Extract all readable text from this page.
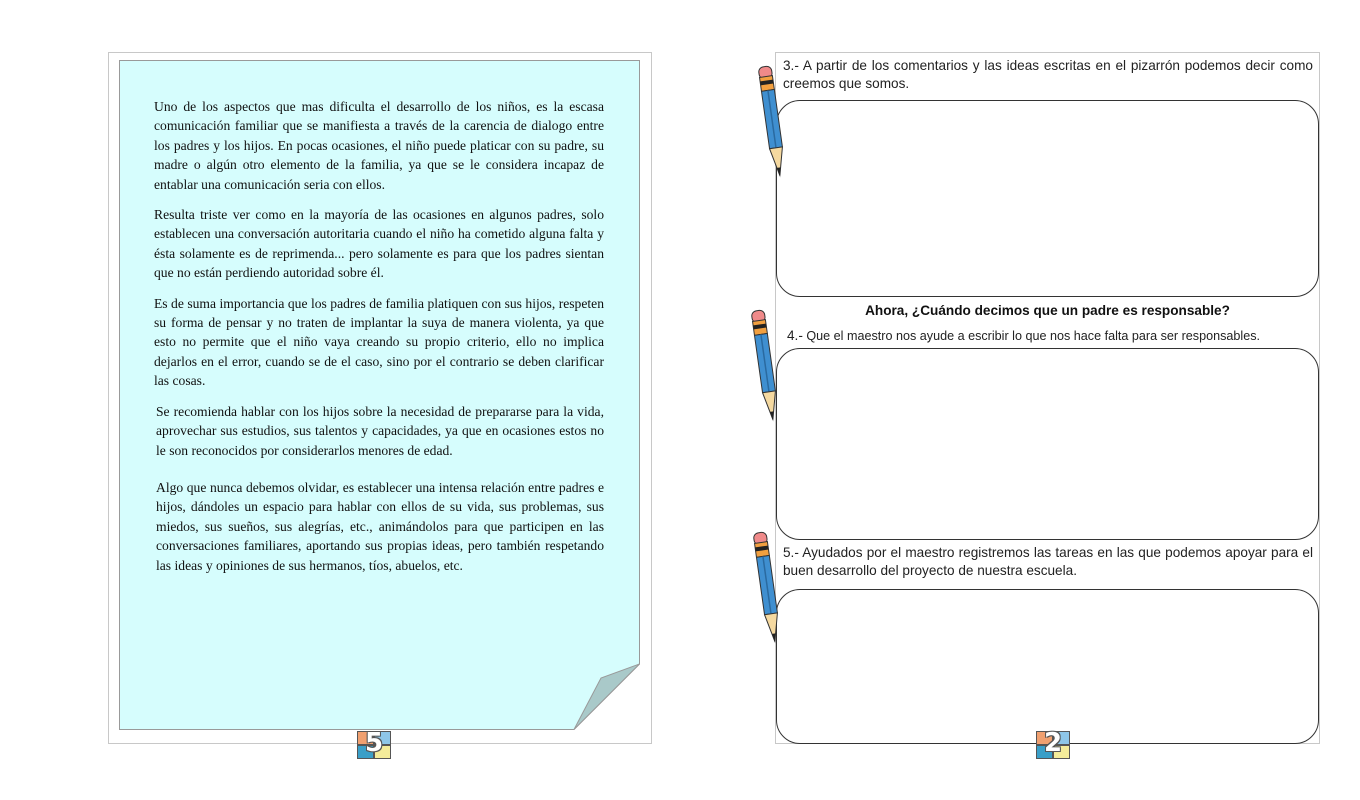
Uno de los aspectos que mas dificulta el desarrollo de los niños, es la escasa comunicación familiar que se manifiesta a través de la carencia de dialogo entre los padres y los hijos. En pocas ocasiones, el niño puede platicar con su padre, su madre o algún otro elemento de la familia, ya que se le considera incapaz de entablar una comunicación seria con ellos.

Resulta triste ver como en la mayoría de las ocasiones en algunos padres, solo establecen una conversación autoritaria cuando el niño ha cometido alguna falta y ésta solamente es de reprimenda... pero solamente es para que los padres sientan que no están perdiendo autoridad sobre él.

Es de suma importancia que los padres de familia platiquen con sus hijos, respeten su forma de pensar y no traten de implantar la suya de manera violenta, ya que esto no permite que el niño vaya creando su propio criterio, ello no implica dejarlos en el error, cuando se de el caso, sino por el contrario se deben clarificar las cosas.

Se recomienda hablar con los hijos sobre la necesidad de prepararse para la vida, aprovechar sus estudios, sus talentos y capacidades, ya que en ocasiones estos no le son reconocidos por considerarlos menores de edad.

Algo que nunca debemos olvidar, es establecer una intensa relación entre padres e hijos, dándoles un espacio para hablar con ellos de su vida, sus problemas, sus miedos, sus sueños, sus alegrías, etc., animándolos para que participen en las conversaciones familiares, aportando sus propias ideas, pero también respetando las ideas y opiniones de sus hermanos, tíos, abuelos, etc.

5
3.- A partir de los comentarios y las ideas escritas en el pizarrón podemos decir como creemos que somos.
Ahora, ¿Cuándo decimos que un padre es responsable?
4.- Que el maestro nos ayude a escribir lo que nos hace falta para ser responsables.
5.- Ayudados por el maestro registremos las tareas en las que podemos apoyar para el buen desarrollo del proyecto de nuestra escuela.
2
